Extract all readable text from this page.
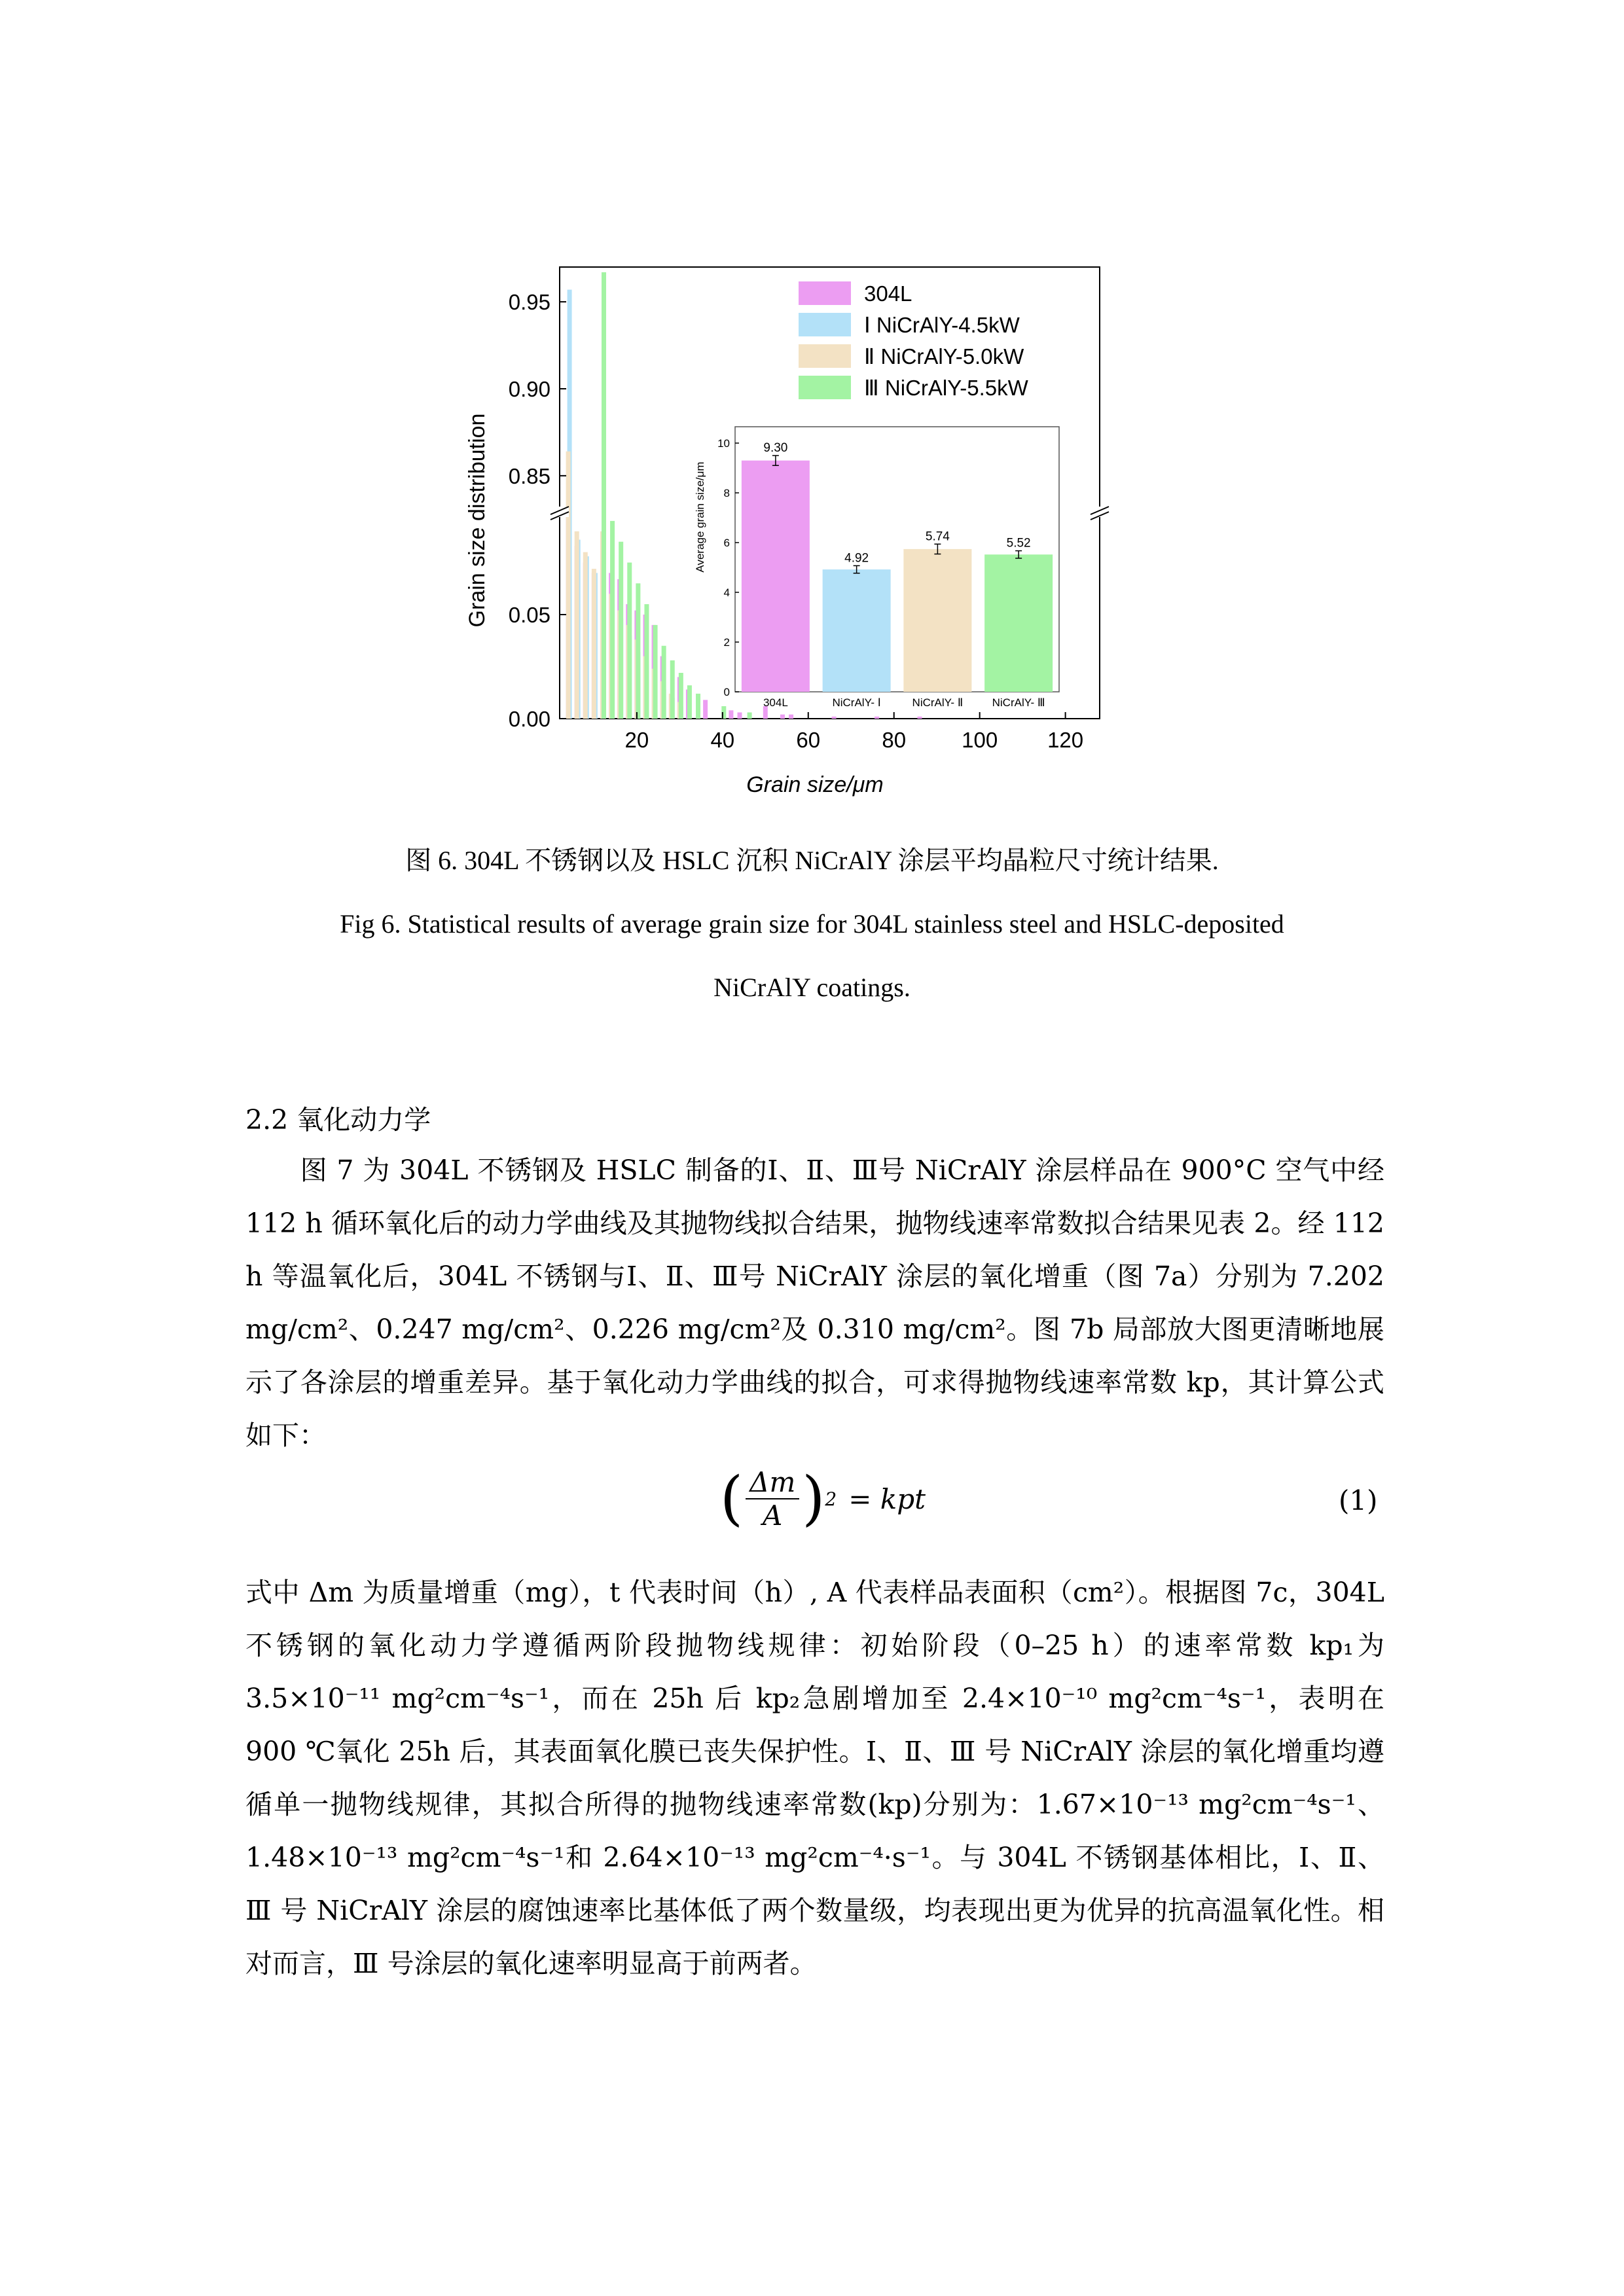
0.00
0.05
0.85
0.90
0.95
20	40	60	80	100 120
Grain size distribution
Grain size/μm
304L
Ⅰ NiCrAlY-4.5kW
Ⅱ NiCrAlY-5.0kW
Ⅲ NiCrAlY-5.5kW
0
2
4
6
8
10	9.30
304L
4.92
NiCrAlY- Ⅰ
5.74
NiCrAlY- Ⅱ
5.52
NiCrAlY- Ⅲ
Average grain size/μm
图 6. 304L 不锈钢以及 HSLC 沉积 NiCrAlY 涂层平均晶粒尺寸统计结果.
Fig 6. Statistical results of average grain size for 304L stainless steel and HSLC-deposited
NiCrAlY coatings.
2.2 氧化动力学

　　图 7 为 304L 不锈钢及 HSLC 制备的Ⅰ、Ⅱ、Ⅲ号 NiCrAlY 涂层样品在 900°C 空气中经 112 h 循环氧化后的动力学曲线及其抛物线拟合结果，抛物线速率常数拟合结果见表 2。经 112 h 等温氧化后，304L 不锈钢与Ⅰ、Ⅱ、Ⅲ号 NiCrAlY 涂层的氧化增重（图 7a）分别为 7.202 mg/cm²、0.247 mg/cm²、0.226 mg/cm²及 0.310 mg/cm²。图 7b 局部放大图更清晰地展示了各涂层的增重差异。基于氧化动力学曲线的拟合，可求得抛物线速率常数 kp，其计算公式如下：

( $\frac{\Delta m}{A}$ ) 2 = kpt	(1)

式中 Δm 为质量增重（mg），t 代表时间（h）, A 代表样品表面积（cm²）。根据图 7c，304L 不锈钢的氧化动力学遵循两阶段抛物线规律：初始阶段（0–25 h）的速率常数 kp₁为 3.5×10⁻¹¹ mg²cm⁻⁴s⁻¹，而在 25h 后 kp₂急剧增加至 2.4×10⁻¹⁰ mg²cm⁻⁴s⁻¹，表明在 900 ℃氧化 25h 后，其表面氧化膜已丧失保护性。Ⅰ、Ⅱ、Ⅲ 号 NiCrAlY 涂层的氧化增重均遵循单一抛物线规律，其拟合所得的抛物线速率常数(kp)分别为：1.67×10⁻¹³ mg²cm⁻⁴s⁻¹、1.48×10⁻¹³ mg²cm⁻⁴s⁻¹和 2.64×10⁻¹³ mg²cm⁻⁴·s⁻¹。与 304L 不锈钢基体相比，Ⅰ、Ⅱ、Ⅲ 号 NiCrAlY 涂层的腐蚀速率比基体低了两个数量级，均表现出更为优异的抗高温氧化性。相对而言，Ⅲ 号涂层的氧化速率明显高于前两者。
